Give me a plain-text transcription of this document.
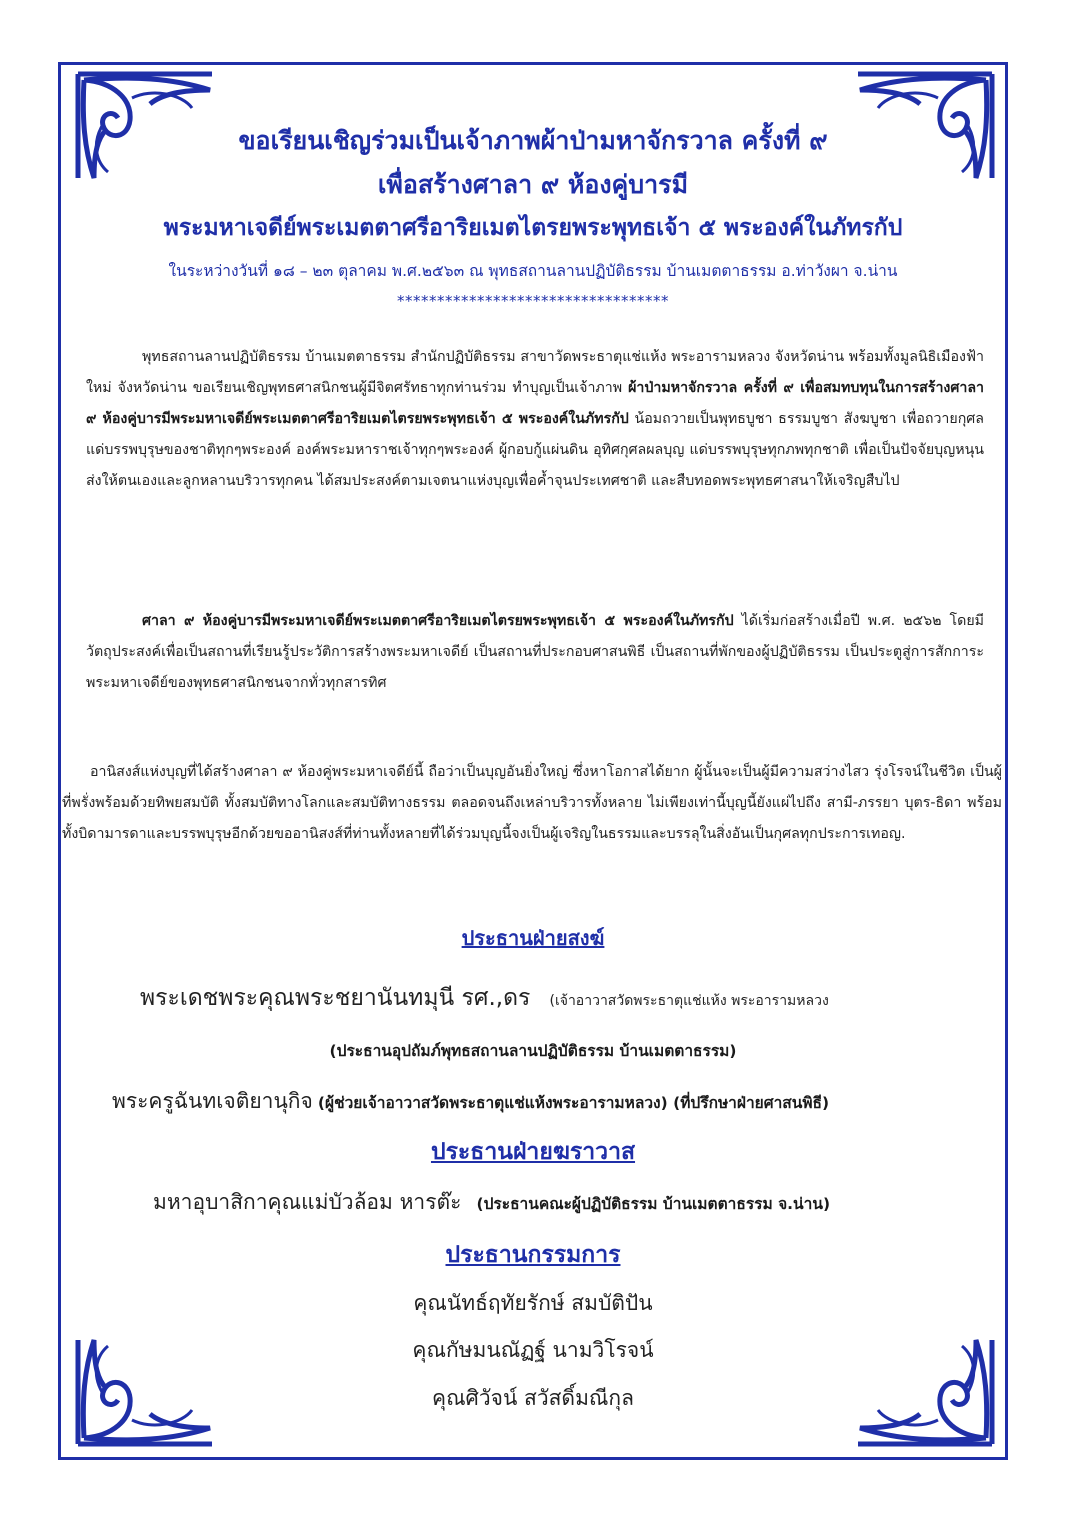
ขอเรียนเชิญร่วมเป็นเจ้าภาพผ้าป่ามหาจักรวาล ครั้งที่ ๙
เพื่อสร้างศาลา ๙ ห้องคู่บารมี
พระมหาเจดีย์พระเมตตาศรีอาริยเมตไตรยพระพุทธเจ้า ๕ พระองค์ในภัทรกัป
ในระหว่างวันที่ ๑๘ – ๒๓ ตุลาคม พ.ศ.๒๕๖๓ ณ พุทธสถานลานปฏิบัติธรรม บ้านเมตตาธรรม อ.ท่าวังผา จ.น่าน
**********************************
พุทธสถานลานปฏิบัติธรรม บ้านเมตตาธรรม สำนักปฏิบัติธรรม สาขาวัดพระธาตุแช่แห้ง พระอารามหลวง จังหวัดน่าน พร้อมทั้งมูลนิธิเมืองฟ้าใหม่ จังหวัดน่าน ขอเรียนเชิญพุทธศาสนิกชนผู้มีจิตศรัทธาทุกท่านร่วม ทำบุญเป็นเจ้าภาพ ผ้าป่ามหาจักรวาล ครั้งที่ ๙ เพื่อสมทบทุนในการสร้างศาลา ๙ ห้องคู่บารมีพระมหาเจดีย์พระเมตตาศรีอาริยเมตไตรยพระพุทธเจ้า ๕ พระองค์ในภัทรกัป น้อมถวายเป็นพุทธบูชา ธรรมบูชา สังฆบูชา เพื่อถวายกุศลแด่บรรพบุรุษของชาติทุกๆพระองค์ องค์พระมหาราชเจ้าทุกๆพระองค์ ผู้กอบกู้แผ่นดิน อุทิศกุศลผลบุญ แด่บรรพบุรุษทุกภพทุกชาติ เพื่อเป็นปัจจัยบุญหนุนส่งให้ตนเองและลูกหลานบริวารทุกคน ได้สมประสงค์ตามเจตนาแห่งบุญเพื่อค้ำจุนประเทศชาติ และสืบทอดพระพุทธศาสนาให้เจริญสืบไป
ศาลา ๙ ห้องคู่บารมีพระมหาเจดีย์พระเมตตาศรีอาริยเมตไตรยพระพุทธเจ้า ๕ พระองค์ในภัทรกัป ได้เริ่มก่อสร้างเมื่อปี พ.ศ. ๒๕๖๒ โดยมีวัตถุประสงค์เพื่อเป็นสถานที่เรียนรู้ประวัติการสร้างพระมหาเจดีย์ เป็นสถานที่ประกอบศาสนพิธี เป็นสถานที่พักของผู้ปฏิบัติธรรม เป็นประตูสู่การสักการะพระมหาเจดีย์ของพุทธศาสนิกชนจากทั่วทุกสารทิศ
อานิสงส์แห่งบุญที่ได้สร้างศาลา ๙ ห้องคู่พระมหาเจดีย์นี้ ถือว่าเป็นบุญอันยิ่งใหญ่ ซึ่งหาโอกาสได้ยาก ผู้นั้นจะเป็นผู้มีความสว่างไสว รุ่งโรจน์ในชีวิต เป็นผู้ที่พรั่งพร้อมด้วยทิพยสมบัติ ทั้งสมบัติทางโลกและสมบัติทางธรรม ตลอดจนถึงเหล่าบริวารทั้งหลาย ไม่เพียงเท่านี้บุญนี้ยังแผ่ไปถึง สามี-ภรรยา บุตร-ธิดา พร้อมทั้งบิดามารดาและบรรพบุรุษอีกด้วยขออานิสงส์ที่ท่านทั้งหลายที่ได้ร่วมบุญนี้จงเป็นผู้เจริญในธรรมและบรรลุในสิ่งอันเป็นกุศลทุกประการเทอญ.
ประธานฝ่ายสงฆ์
พระเดชพระคุณพระชยานันทมุนี รศ.,ดร (เจ้าอาวาสวัดพระธาตุแช่แห้ง พระอารามหลวง
(ประธานอุปถัมภ์พุทธสถานลานปฏิบัติธรรม บ้านเมตตาธรรม)
พระครูฉันทเจติยานุกิจ (ผู้ช่วยเจ้าอาวาสวัดพระธาตุแช่แห้งพระอารามหลวง) (ที่ปรึกษาฝ่ายศาสนพิธี)
ประธานฝ่ายฆราวาส
มหาอุบาสิกาคุณแม่บัวล้อม หารต๊ะ (ประธานคณะผู้ปฏิบัติธรรม บ้านเมตตาธรรม จ.น่าน)
ประธานกรรมการ
คุณนัทธ์ฤทัยรักษ์ สมบัติปัน
คุณกัษมนณัฏฐ์ นามวิโรจน์
คุณศิวัจน์ สวัสดิ์มณีกุล
